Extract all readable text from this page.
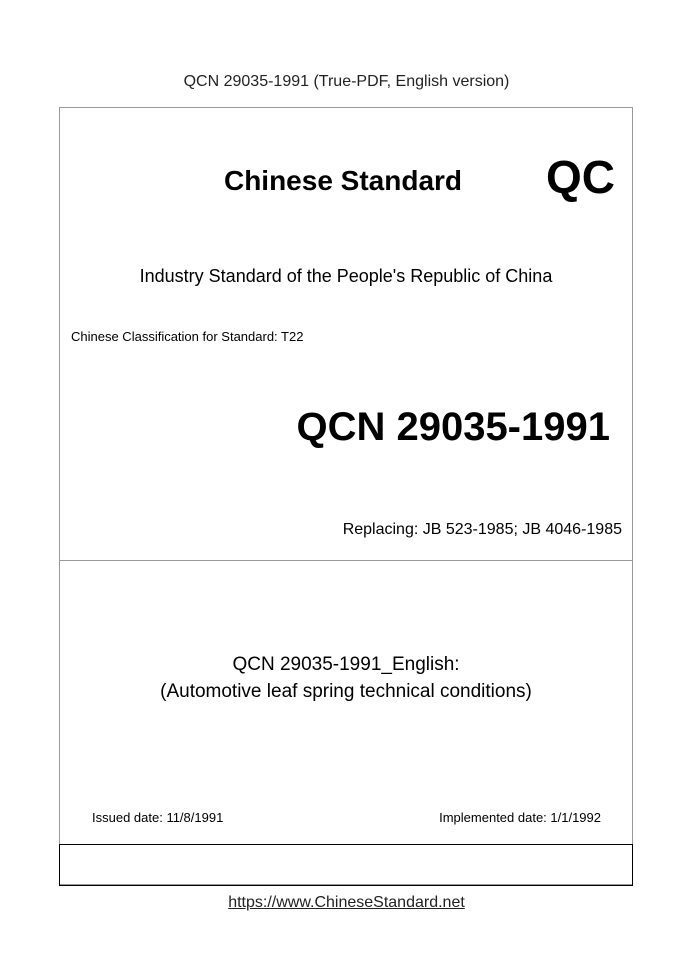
QCN 29035-1991 (True-PDF, English version)
Chinese Standard	QC
Industry Standard of the People's Republic of China
Chinese Classification for Standard: T22
QCN 29035-1991
Replacing: JB 523-1985; JB 4046-1985
QCN 29035-1991_English:
(Automotive leaf spring technical conditions)
Issued date: 11/8/1991	Implemented date: 1/1/1992
https://www.ChineseStandard.net
